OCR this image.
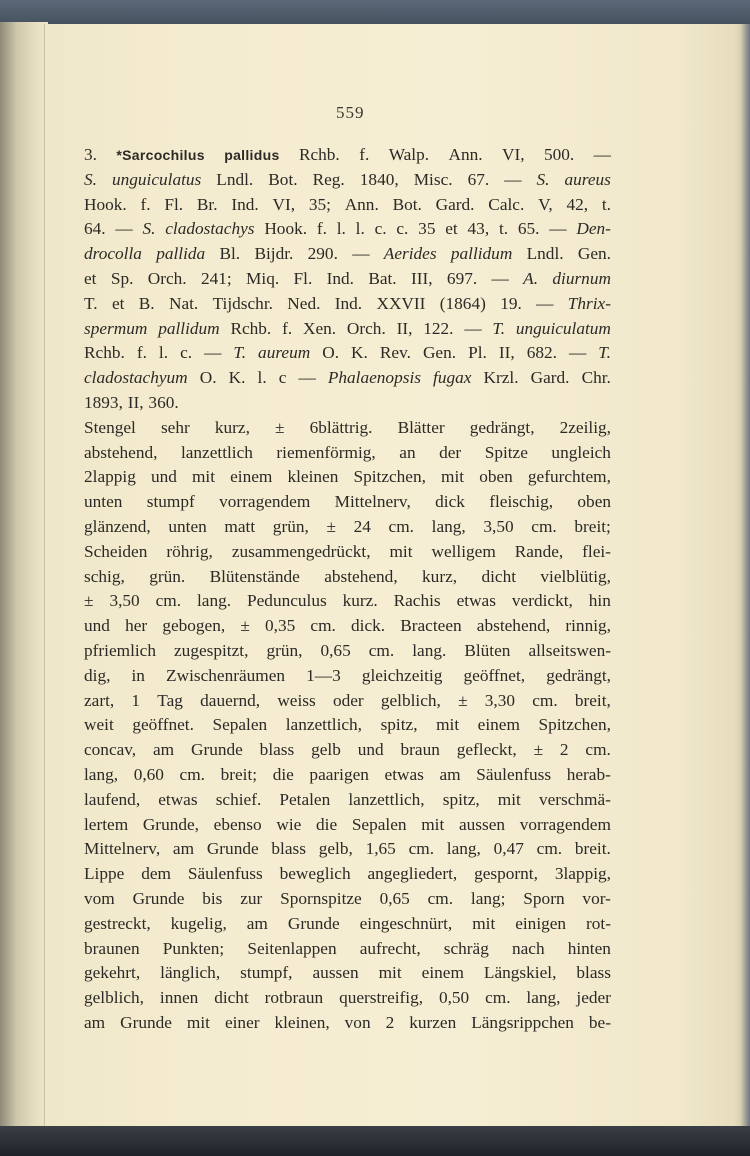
559
3. *Sarcochilus pallidus Rchb. f. Walp. Ann. VI, 500. —
S. unguiculatus Lndl. Bot. Reg. 1840, Misc. 67. — S. aureus
Hook. f. Fl. Br. Ind. VI, 35; Ann. Bot. Gard. Calc. V, 42, t.
64. — S. cladostachys Hook. f. l. l. c. c. 35 et 43, t. 65. — Den-
drocolla pallida Bl. Bijdr. 290. — Aerides pallidum Lndl. Gen.
et Sp. Orch. 241; Miq. Fl. Ind. Bat. III, 697. — A. diurnum
T. et B. Nat. Tijdschr. Ned. Ind. XXVII (1864) 19. — Thrix-
spermum pallidum Rchb. f. Xen. Orch. II, 122. — T. unguiculatum
Rchb. f. l. c. — T. aureum O. K. Rev. Gen. Pl. II, 682. — T.
cladostachyum O. K. l. c — Phalaenopsis fugax Krzl. Gard. Chr.
1893, II, 360.
Stengel sehr kurz, ± 6blättrig. Blätter gedrängt, 2zeilig,
abstehend, lanzettlich riemenförmig, an der Spitze ungleich
2lappig und mit einem kleinen Spitzchen, mit oben gefurchtem,
unten stumpf vorragendem Mittelnerv, dick fleischig, oben
glänzend, unten matt grün, ± 24 cm. lang, 3,50 cm. breit;
Scheiden röhrig, zusammengedrückt, mit welligem Rande, flei-
schig, grün. Blütenstände abstehend, kurz, dicht vielblütig,
± 3,50 cm. lang. Pedunculus kurz. Rachis etwas verdickt, hin
und her gebogen, ± 0,35 cm. dick. Bracteen abstehend, rinnig,
pfriemlich zugespitzt, grün, 0,65 cm. lang. Blüten allseitswen-
dig, in Zwischenräumen 1—3 gleichzeitig geöffnet, gedrängt,
zart, 1 Tag dauernd, weiss oder gelblich, ± 3,30 cm. breit,
weit geöffnet. Sepalen lanzettlich, spitz, mit einem Spitzchen,
concav, am Grunde blass gelb und braun gefleckt, ± 2 cm.
lang, 0,60 cm. breit; die paarigen etwas am Säulenfuss herab-
laufend, etwas schief. Petalen lanzettlich, spitz, mit verschmä-
lertem Grunde, ebenso wie die Sepalen mit aussen vorragendem
Mittelnerv, am Grunde blass gelb, 1,65 cm. lang, 0,47 cm. breit.
Lippe dem Säulenfuss beweglich angegliedert, gespornt, 3lappig,
vom Grunde bis zur Spornspitze 0,65 cm. lang; Sporn vor-
gestreckt, kugelig, am Grunde eingeschnürt, mit einigen rot-
braunen Punkten; Seitenlappen aufrecht, schräg nach hinten
gekehrt, länglich, stumpf, aussen mit einem Längskiel, blass
gelblich, innen dicht rotbraun querstreifig, 0,50 cm. lang, jeder
am Grunde mit einer kleinen, von 2 kurzen Längsrippchen be-
